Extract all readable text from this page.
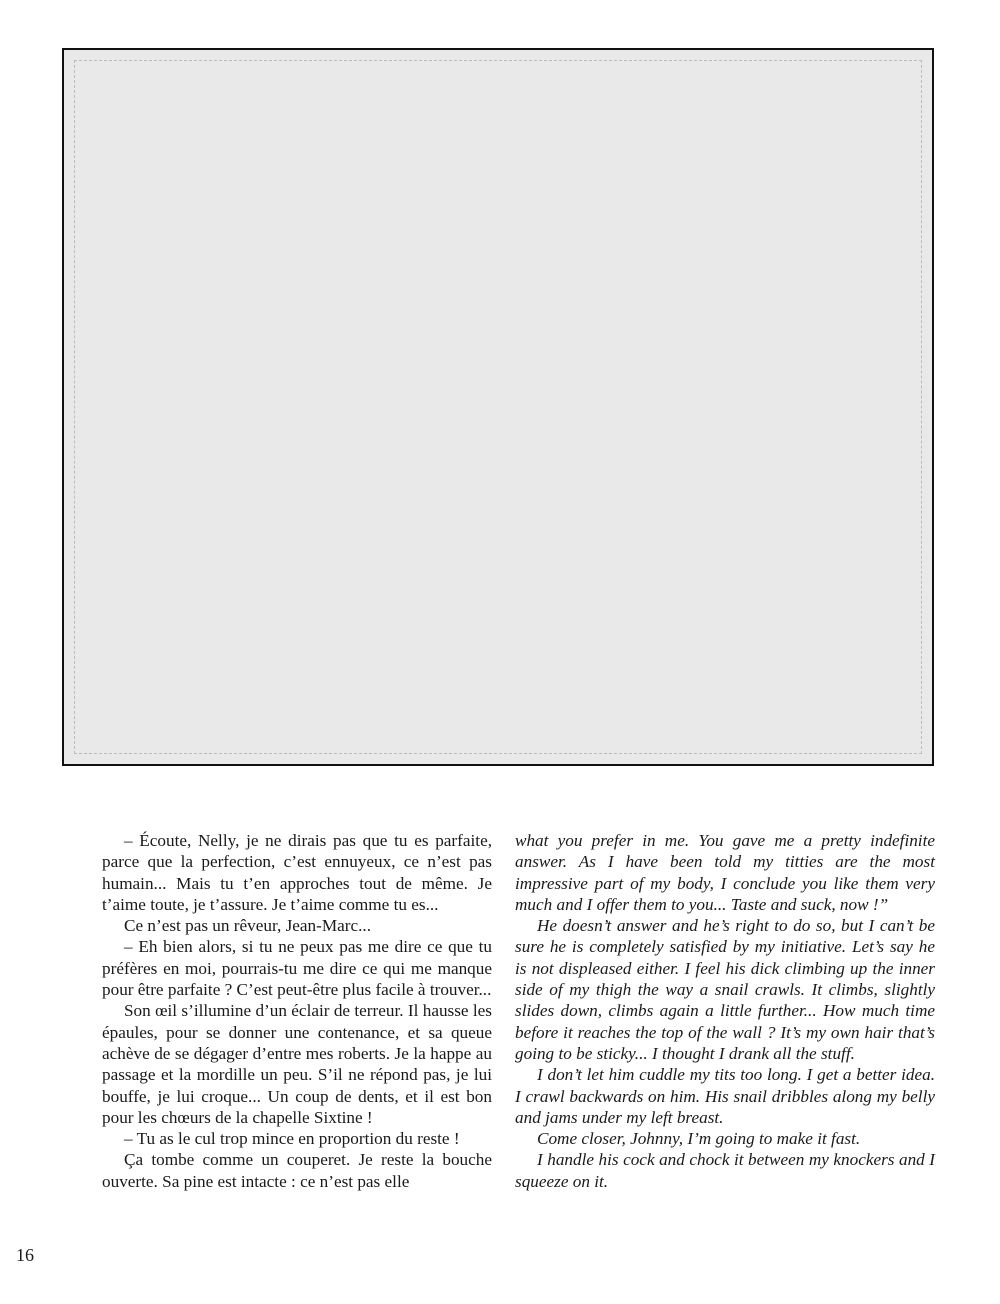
– Écoute, Nelly, je ne dirais pas que tu es parfaite, parce que la perfection, c’est ennuyeux, ce n’est pas humain... Mais tu t’en approches tout de même. Je t’aime toute, je t’assure. Je t’aime comme tu es...

Ce n’est pas un rêveur, Jean-Marc...

– Eh bien alors, si tu ne peux pas me dire ce que tu préfères en moi, pourrais-tu me dire ce qui me manque pour être parfaite ? C’est peut-être plus facile à trouver...

Son œil s’illumine d’un éclair de terreur. Il hausse les épaules, pour se donner une contenance, et sa queue achève de se dégager d’entre mes roberts. Je la happe au passage et la mordille un peu. S’il ne répond pas, je lui bouffe, je lui croque... Un coup de dents, et il est bon pour les chœurs de la chapelle Sixtine !

– Tu as le cul trop mince en proportion du reste !

Ça tombe comme un couperet. Je reste la bouche ouverte. Sa pine est intacte : ce n’est pas elle

what you prefer in me. You gave me a pretty indefinite answer. As I have been told my titties are the most impressive part of my body, I conclude you like them very much and I offer them to you... Taste and suck, now !”

He doesn’t answer and he’s right to do so, but I can’t be sure he is completely satisfied by my initiative. Let’s say he is not displeased either. I feel his dick climbing up the inner side of my thigh the way a snail crawls. It climbs, slightly slides down, climbs again a little further... How much time before it reaches the top of the wall ? It’s my own hair that’s going to be sticky... I thought I drank all the stuff.

I don’t let him cuddle my tits too long. I get a better idea. I crawl backwards on him. His snail dribbles along my belly and jams under my left breast.

Come closer, Johnny, I’m going to make it fast.

I handle his cock and chock it between my knockers and I squeeze on it.

16
